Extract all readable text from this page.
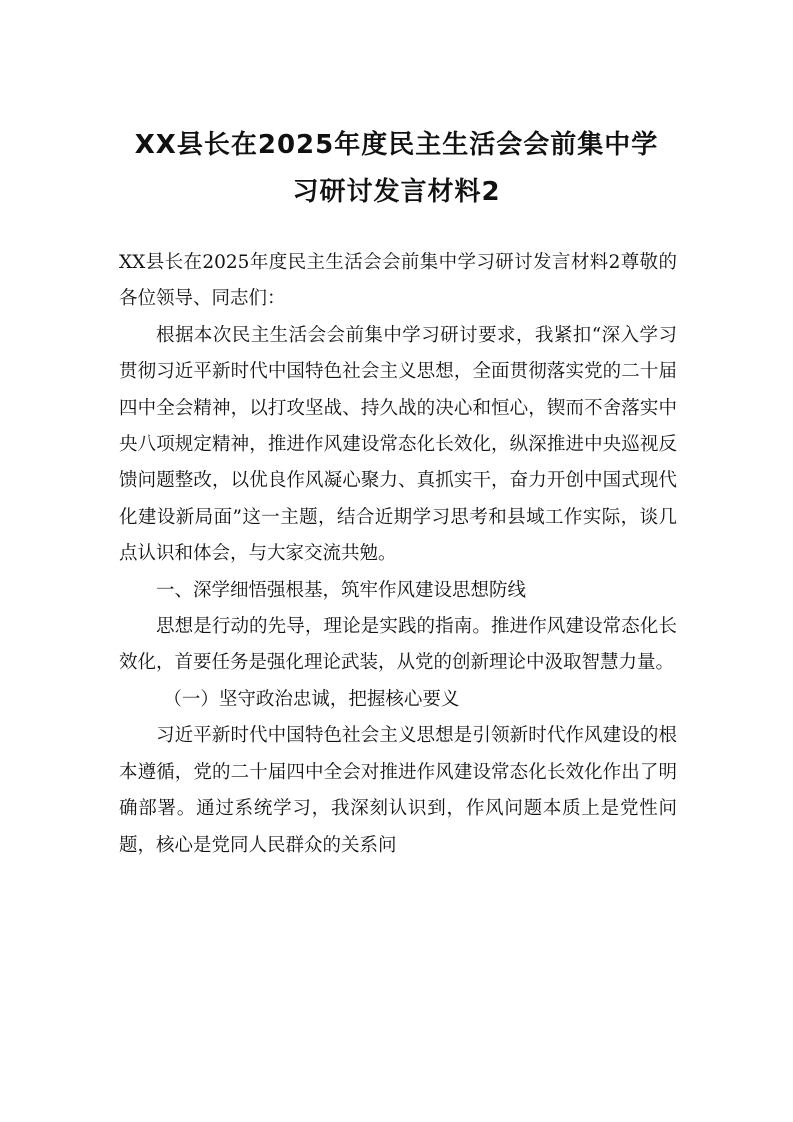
XX县长在2025年度民主生活会会前集中学
习研讨发言材料2

XX县长在2025年度民主生活会会前集中学习研讨发言材料2尊敬的各位领导、同志们：

根据本次民主生活会会前集中学习研讨要求，我紧扣“深入学习贯彻习近平新时代中国特色社会主义思想，全面贯彻落实党的二十届四中全会精神，以打攻坚战、持久战的决心和恒心，锲而不舍落实中央八项规定精神，推进作风建设常态化长效化，纵深推进中央巡视反馈问题整改，以优良作风凝心聚力、真抓实干，奋力开创中国式现代化建设新局面”这一主题，结合近期学习思考和县域工作实际，谈几点认识和体会，与大家交流共勉。

一、深学细悟强根基，筑牢作风建设思想防线

思想是行动的先导，理论是实践的指南。推进作风建设常态化长效化，首要任务是强化理论武装，从党的创新理论中汲取智慧力量。

（一）坚守政治忠诚，把握核心要义

习近平新时代中国特色社会主义思想是引领新时代作风建设的根本遵循，党的二十届四中全会对推进作风建设常态化长效化作出了明确部署。通过系统学习，我深刻认识到，作风问题本质上是党性问题，核心是党同人民群众的关系问
